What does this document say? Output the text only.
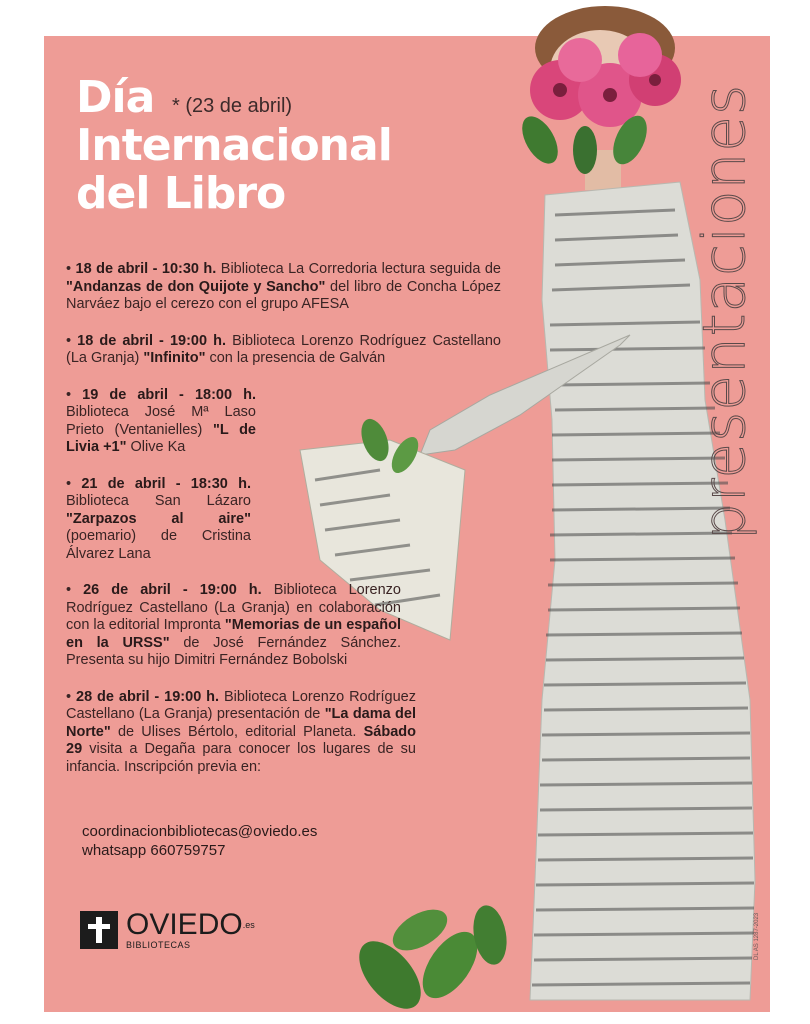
Día * (23 de abril)
Internacional
del Libro
• 18 de abril - 10:30 h. Biblioteca La Corredoria lectura seguida de "Andanzas de don Quijote y Sancho" del libro de Concha López Narváez bajo el cerezo con el grupo AFESA
• 18 de abril - 19:00 h. Biblioteca Lorenzo Rodríguez Castellano (La Granja) "Infinito" con la presencia de Galván
• 19 de abril - 18:00 h. Biblioteca José Mª Laso Prieto (Ventanielles) "L de Livia +1" Olive Ka
• 21 de abril - 18:30 h. Biblioteca San Lázaro "Zarpazos al aire" (poemario) de Cristina Álvarez Lana
• 26 de abril - 19:00 h. Biblioteca Lorenzo Rodríguez Castellano (La Granja) en colaboración con la editorial Impronta "Memorias de un español en la URSS" de José Fernández Sánchez. Presenta su hijo Dimitri Fernández Bobolski
• 28 de abril - 19:00 h. Biblioteca Lorenzo Rodríguez Castellano (La Granja) presentación de "La dama del Norte" de Ulises Bértolo, editorial Planeta. Sábado 29 visita a Degaña para conocer los lugares de su infancia. Inscripción previa en:
coordinacionbibliotecas@oviedo.es
whatsapp 660759757
presentaciones
DL AS 1287-2023
$OVIEDO^{.es}$
BIBLIOTECAS
